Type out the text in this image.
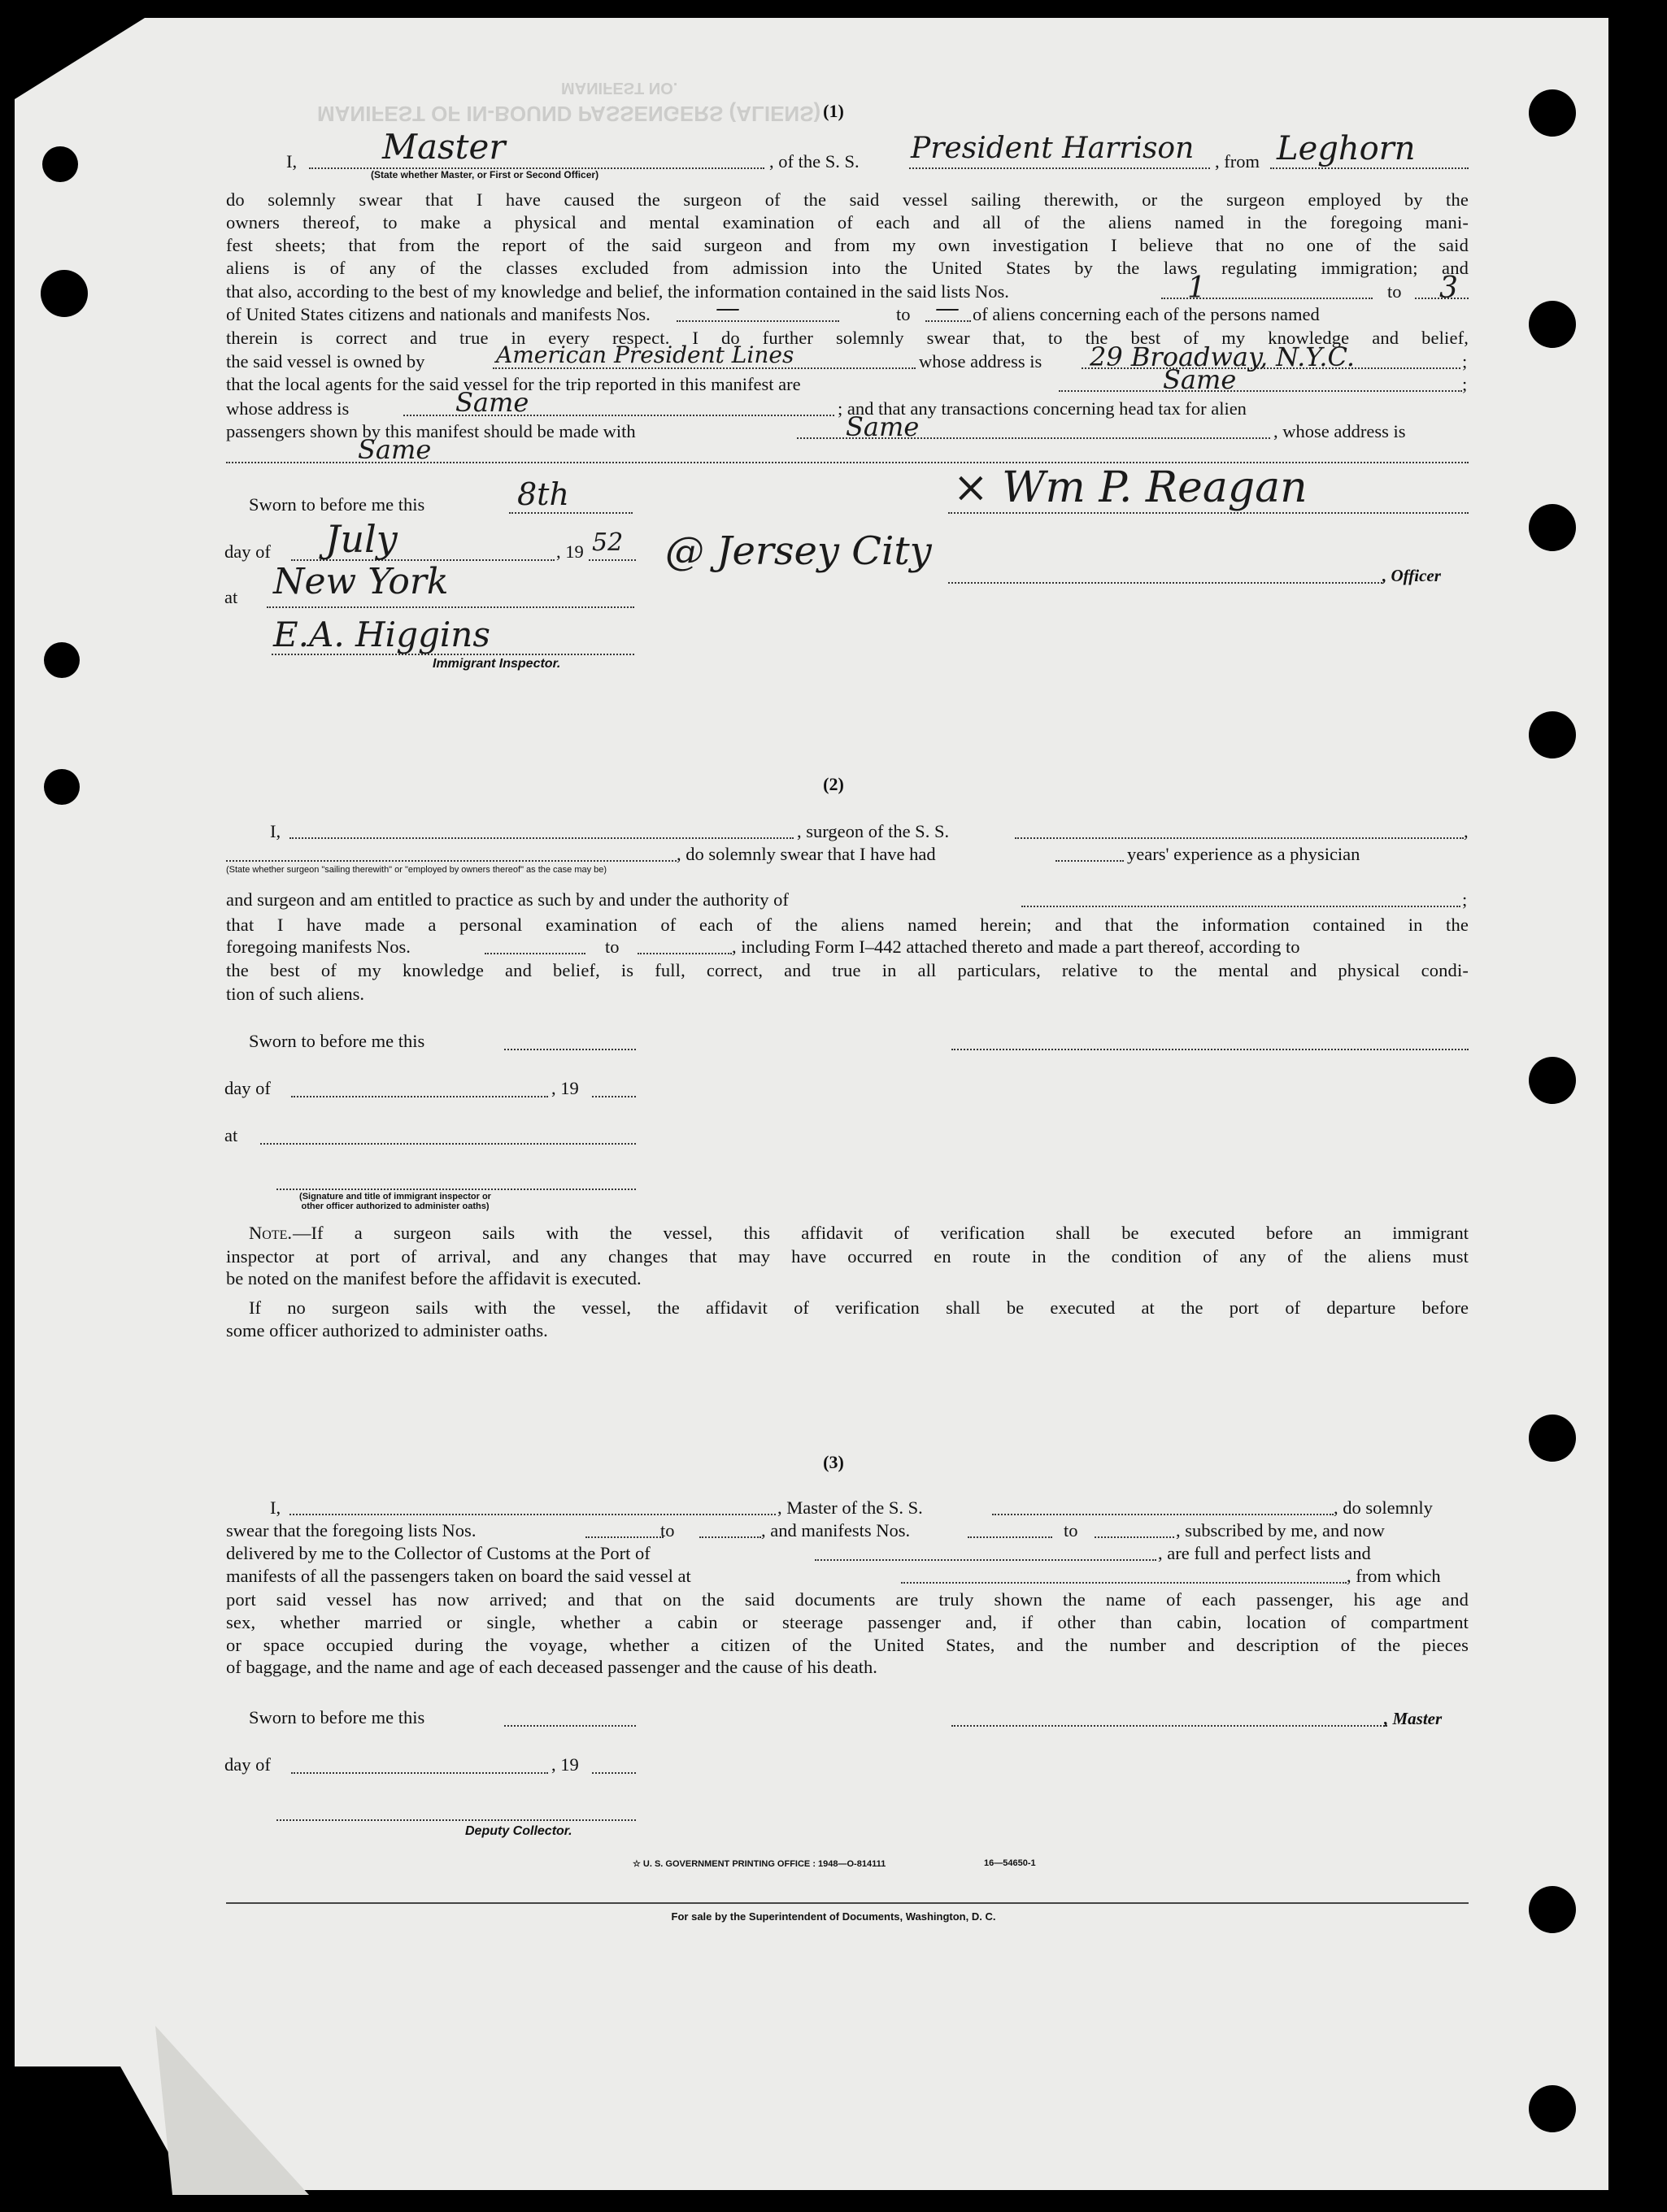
MANIFEST OF IN-BOUND PASSENGERS (ALIENS)
MANIFEST NO.
(1)
I, Master	, of the S. S. President Harrison , from Leghorn
(State whether Master, or First or Second Officer)
do solemnly swear that I have caused the surgeon of the said vessel sailing therewith, or the surgeon employed by the
owners thereof, to make a physical and mental examination of each and all of the aliens named in the foregoing mani-
fest sheets; that from the report of the said surgeon and from my own investigation I believe that no one of the said
aliens is of any of the classes excluded from admission into the United States by the laws regulating immigration; and
that also, according to the best of my knowledge and belief, the information contained in the said lists Nos.	1	to 3
of United States citizens and nationals and manifests Nos.	—	to — of aliens concerning each of the persons named
therein is correct and true in every respect. I do further solemnly swear that, to the best of my knowledge and belief,
the said vessel is owned by	American President Lines	whose address is 29 Broadway, N.Y.C.	;
that the local agents for the said vessel for the trip reported in this manifest are	Same	;
whose address is	Same	; and that any transactions concerning head tax for alien
passengers shown by this manifest should be made with	Same	, whose address is
Same
Sworn to before me this	8th
day of July	, 19 52 @ Jersey City
at New York
E.A. Higgins
Immigrant Inspector.
× Wm P. Reagan
, Officer
(2)
I,	, surgeon of the S. S.	,
, do solemnly swear that I have had	years' experience as a physician
(State whether surgeon "sailing therewith" or "employed by owners thereof" as the case may be)
and surgeon and am entitled to practice as such by and under the authority of	;
that I have made a personal examination of each of the aliens named herein; and that the information contained in the
foregoing manifests Nos.	to	, including Form I–442 attached thereto and made a part thereof, according to
the best of my knowledge and belief, is full, correct, and true in all particulars, relative to the mental and physical condi-
tion of such aliens.
Sworn to before me this
day of	, 19
at
(Signature and title of immigrant inspector or other officer authorized to administer oaths)
Note. —If a surgeon sails with the vessel, this affidavit of verification shall be executed before an immigrant
inspector at port of arrival, and any changes that may have occurred en route in the condition of any of the aliens must
be noted on the manifest before the affidavit is executed.
If no surgeon sails with the vessel, the affidavit of verification shall be executed at the port of departure before
some officer authorized to administer oaths.
(3)
I,	, Master of the S. S.	, do solemnly
swear that the foregoing lists Nos.	to	, and manifests Nos.	to	, subscribed by me, and now
delivered by me to the Collector of Customs at the Port of	, are full and perfect lists and
manifests of all the passengers taken on board the said vessel at	, from which
port said vessel has now arrived; and that on the said documents are truly shown the name of each passenger, his age and
sex, whether married or single, whether a cabin or steerage passenger and, if other than cabin, location of compartment
or space occupied during the voyage, whether a citizen of the United States, and the number and description of the pieces
of baggage, and the name and age of each deceased passenger and the cause of his death.
Sworn to before me this	, Master
day of	, 19
Deputy Collector.
☆ U. S. GOVERNMENT PRINTING OFFICE : 1948—O-814111	16—54650-1
For sale by the Superintendent of Documents, Washington, D. C.
